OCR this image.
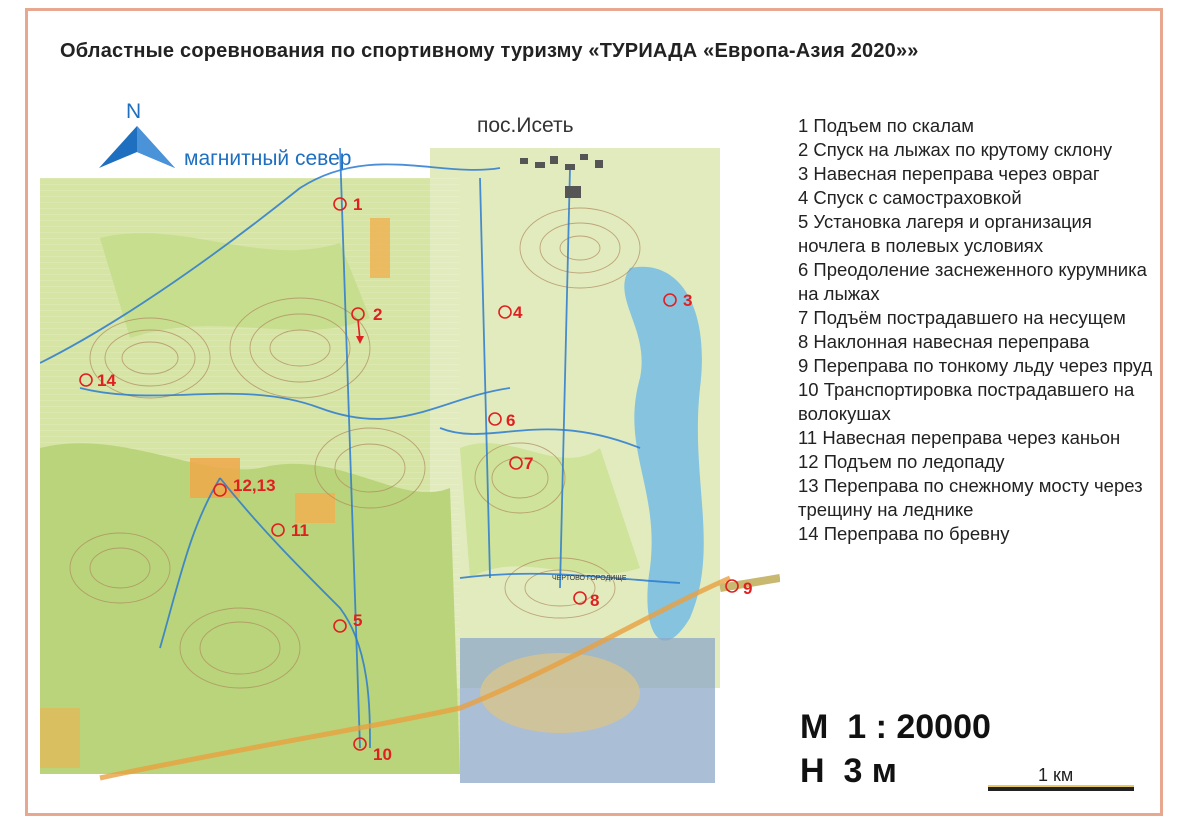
Областные соревнования по спортивному туризму «ТУРИАДА «Европа-Азия 2020»»
N
магнитный север
пос.Исеть
ЧЕРТОВО ГОРОДИЩЕ
1
2
3
4
5
6
7
8
9
10
11
12,13
14

1 Подъем по скалам

2 Спуск на лыжах по крутому склону

3 Навесная переправа через овраг

4 Спуск с самостраховкой

5 Установка лагеря и организация ночлега в полевых условиях

6 Преодоление заснеженного курумника на лыжах

7 Подъём пострадавшего на несущем

8 Наклонная навесная переправа

9 Переправа по тонкому льду через пруд

10 Транспортировка пострадавшего на волокушах

11 Навесная переправа через каньон

12 Подъем по ледопаду

13 Переправа по снежному мосту через трещину на леднике

14 Переправа по бревну

М  1 : 20000
Н  3 м	1 км
